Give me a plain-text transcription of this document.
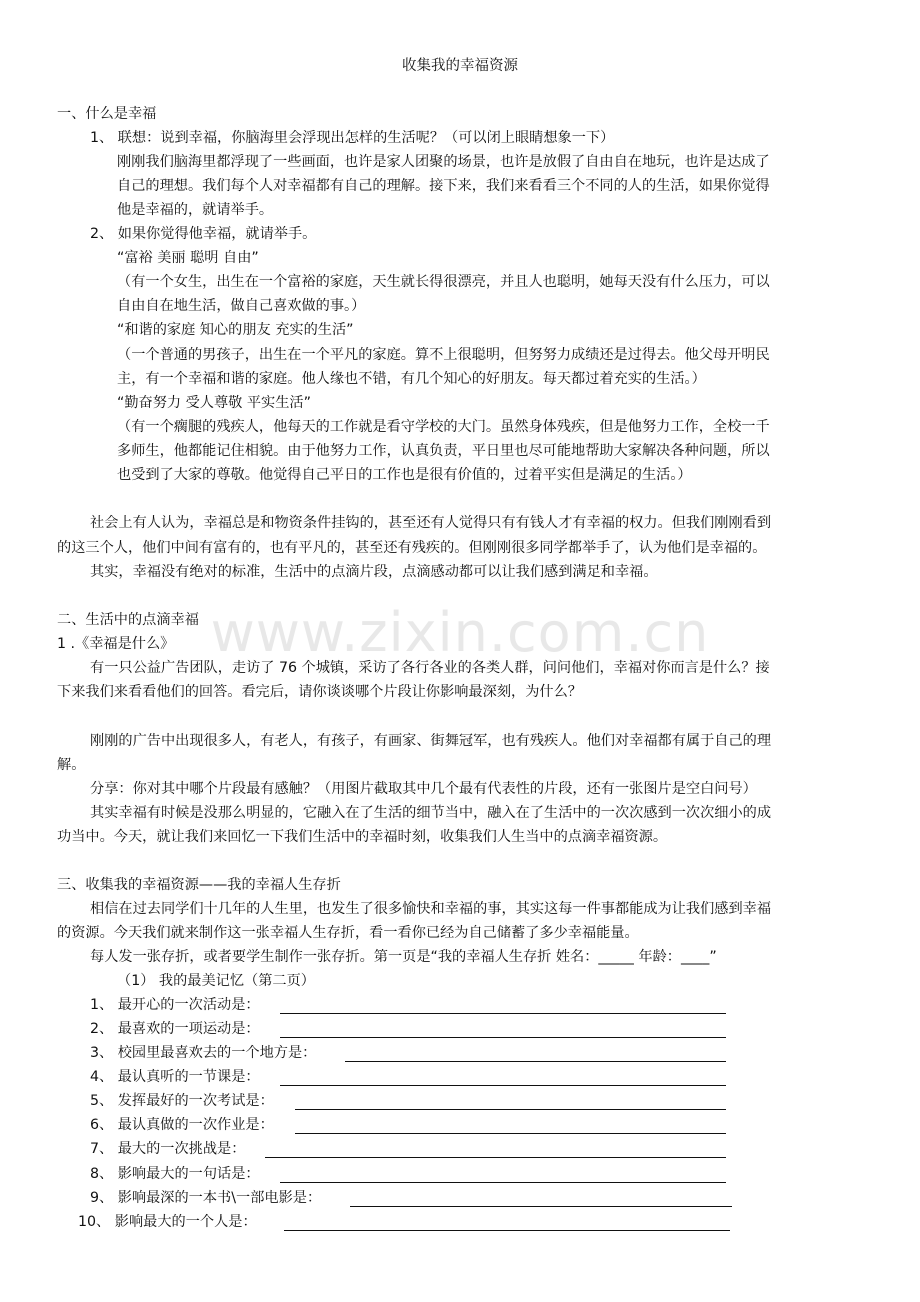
www.zixin.com.cn
收集我的幸福资源
一、什么是幸福
1、 联想：说到幸福，你脑海里会浮现出怎样的生活呢？（可以闭上眼睛想象一下）
刚刚我们脑海里都浮现了一些画面，也许是家人团聚的场景，也许是放假了自由自在地玩，也许是达成了
自己的理想。我们每个人对幸福都有自己的理解。接下来，我们来看看三个不同的人的生活，如果你觉得
他是幸福的，就请举手。
2、 如果你觉得他幸福，就请举手。
“富裕 美丽 聪明 自由”
（有一个女生，出生在一个富裕的家庭，天生就长得很漂亮，并且人也聪明，她每天没有什么压力，可以
自由自在地生活，做自己喜欢做的事。）
“和谐的家庭 知心的朋友 充实的生活”
（一个普通的男孩子，出生在一个平凡的家庭。算不上很聪明，但努努力成绩还是过得去。他父母开明民
主，有一个幸福和谐的家庭。他人缘也不错，有几个知心的好朋友。每天都过着充实的生活。）
“勤奋努力 受人尊敬 平实生活”
（有一个瘸腿的残疾人，他每天的工作就是看守学校的大门。虽然身体残疾，但是他努力工作，全校一千
多师生，他都能记住相貌。由于他努力工作，认真负责，平日里也尽可能地帮助大家解决各种问题，所以
也受到了大家的尊敬。他觉得自己平日的工作也是很有价值的，过着平实但是满足的生活。）
社会上有人认为，幸福总是和物资条件挂钩的，甚至还有人觉得只有有钱人才有幸福的权力。但我们刚刚看到
的这三个人，他们中间有富有的，也有平凡的，甚至还有残疾的。但刚刚很多同学都举手了，认为他们是幸福的。
其实，幸福没有绝对的标准，生活中的点滴片段，点滴感动都可以让我们感到满足和幸福。
二、生活中的点滴幸福
1 .《幸福是什么》
有一只公益广告团队，走访了 76 个城镇，采访了各行各业的各类人群，问问他们，幸福对你而言是什么？接
下来我们来看看他们的回答。看完后，请你谈谈哪个片段让你影响最深刻，为什么？
刚刚的广告中出现很多人，有老人，有孩子，有画家、街舞冠军，也有残疾人。他们对幸福都有属于自己的理
解。
分享：你对其中哪个片段最有感触？（用图片截取其中几个最有代表性的片段，还有一张图片是空白问号）
其实幸福有时候是没那么明显的，它融入在了生活的细节当中，融入在了生活中的一次次感到一次次细小的成
功当中。今天，就让我们来回忆一下我们生活中的幸福时刻，收集我们人生当中的点滴幸福资源。
三、收集我的幸福资源——我的幸福人生存折
相信在过去同学们十几年的人生里，也发生了很多愉快和幸福的事，其实这每一件事都能成为让我们感到幸福
的资源。今天我们就来制作这一张幸福人生存折，看一看你已经为自己储蓄了多少幸福能量。
每人发一张存折，或者要学生制作一张存折。第一页是“我的幸福人生存折 姓名：_____ 年龄：____”
（1） 我的最美记忆（第二页）
1、 最开心的一次活动是：
2、 最喜欢的一项运动是：
3、 校园里最喜欢去的一个地方是：
4、 最认真听的一节课是：
5、 发挥最好的一次考试是：
6、 最认真做的一次作业是：
7、 最大的一次挑战是：
8、 影响最大的一句话是：
9、 影响最深的一本书\一部电影是：
10、 影响最大的一个人是：
